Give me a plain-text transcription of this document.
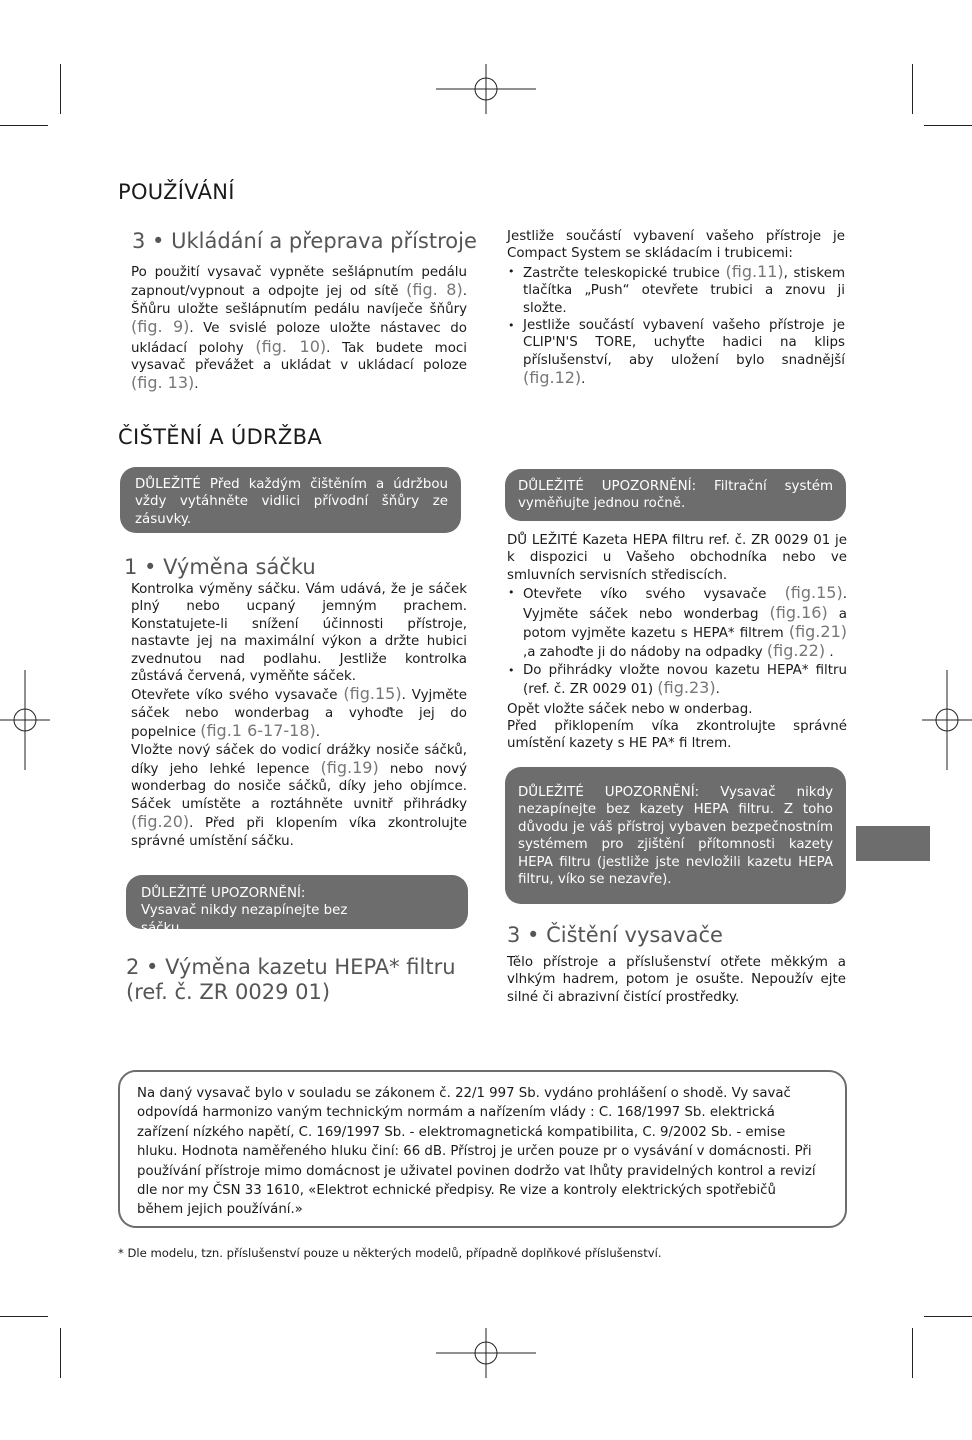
POUŽÍVÁNÍ
3 • Ukládání a přeprava přístroje
Po použití vysavač vypněte sešlápnutím pedálu zapnout/vypnout a odpojte jej od sítě (fig. 8). Šňůru uložte sešlápnutím pedálu navíječe šňůry (fig. 9). Ve svislé poloze uložte nástavec do ukládací polohy (fig. 10). Tak budete moci vysavač převážet a ukládat v ukládací poloze (fig. 13).

Jestliže součástí vybavení vašeho přístroje je Compact System se skládacím i trubicemi:

• Zastrčte teleskopické trubice (fig.11), stiskem tlačítka „Push“ otevřete trubici a znovu ji složte.
• Jestliže součástí vybavení vašeho přístroje je CLIP'N'S TORE, uchyťte hadici na klips příslušenství, aby uložení bylo snadnější (fig.12).
ČIŠTĚNÍ A ÚDRŽBA
DŮLEŽITÉ Před každým čištěním a údržbou vždy vytáhněte vidlici přívodní šňůry ze zásuvky.
1 • Výměna sáčku

Kontrolka výměny sáčku. Vám udává, že je sáček plný nebo ucpaný jemným prachem. Konstatujete-li snížení účinnosti přístroje, nastavte jej na maximální výkon a držte hubici zvednutou nad podlahu. Jestliže kontrolka zůstává červená, vyměňte sáček.

Otevřete víko svého vysavače (fig.15). Vyjměte sáček nebo wonderbag a vyhoďte jej do popelnice (fig.1 6-17-18).

Vložte nový sáček do vodicí drážky nosiče sáčků, díky jeho lehké lepence (fig.19) nebo nový wonderbag do nosiče sáčků, díky jeho objímce. Sáček umístěte a roztáhněte uvnitř přihrádky (fig.20). Před při klopením víka zkontrolujte správné umístění sáčku.

DŮLEŽITÉ UPOZORNĚNÍ: Vysavač nikdy nezapínejte bez sáčku.
2 • Výměna kazetu HEPA* filtru (ref. č. ZR 0029 01)
DŮLEŽITÉ UPOZORNĚNÍ: Filtrační systém vyměňujte jednou ročně.

DŮ LEŽITÉ Kazeta HEPA filtru ref. č. ZR 0029 01 je k dispozici u Vašeho obchodníka nebo ve smluvních servisních střediscích.

• Otevřete víko svého vysavače (fig.15). Vyjměte sáček nebo wonderbag (fig.16) a potom vyjměte kazetu s HEPA* filtrem (fig.21) ,a zahoďte ji do nádoby na odpadky (fig.22) .
• Do přihrádky vložte novou kazetu HEPA* filtru (ref. č. ZR 0029 01) (fig.23).

Opět vložte sáček nebo w onderbag.

Před přiklopením víka zkontrolujte správné umístění kazety s HE PA* fi ltrem.

DŮLEŽITÉ UPOZORNĚNÍ: Vysavač nikdy nezapínejte bez kazety HEPA filtru. Z toho důvodu je váš přístroj vybaven bezpečnostním systémem pro zjištění přítomnosti kazety HEPA filtru (jestliže jste nevložili kazetu HEPA filtru, víko se nezavře).
3 • Čištění vysavače
Tělo přístroje a příslušenství otřete měkkým a vlhkým hadrem, potom je osušte. Nepoužív ejte silné či abrazivní čistící prostředky.
Na daný vysavač bylo v souladu se zákonem č. 22/1 997 Sb. vydáno prohlášení o shodě. Vy savač odpovídá harmonizo vaným technickým normám a nařízením vlády : C. 168/1997 Sb. elektrická zařízení nízkého napětí, C. 169/1997 Sb. - elektromagnetická kompatibilita, C. 9/2002 Sb. - emise hluku. Hodnota naměřeného hluku činí: 66 dB. Přístroj je určen pouze pr o vysávání v domácnosti. Při používání přístroje mimo domácnost je uživatel povinen dodržo vat lhůty pravidelných kontrol a revizí dle nor my ČSN 33 1610, «Elektrot echnické předpisy. Re vize a kontroly elektrických spotřebičů během jejich používání.»
* Dle modelu, tzn. příslušenství pouze u některých modelů, případně doplňkové příslušenství.
